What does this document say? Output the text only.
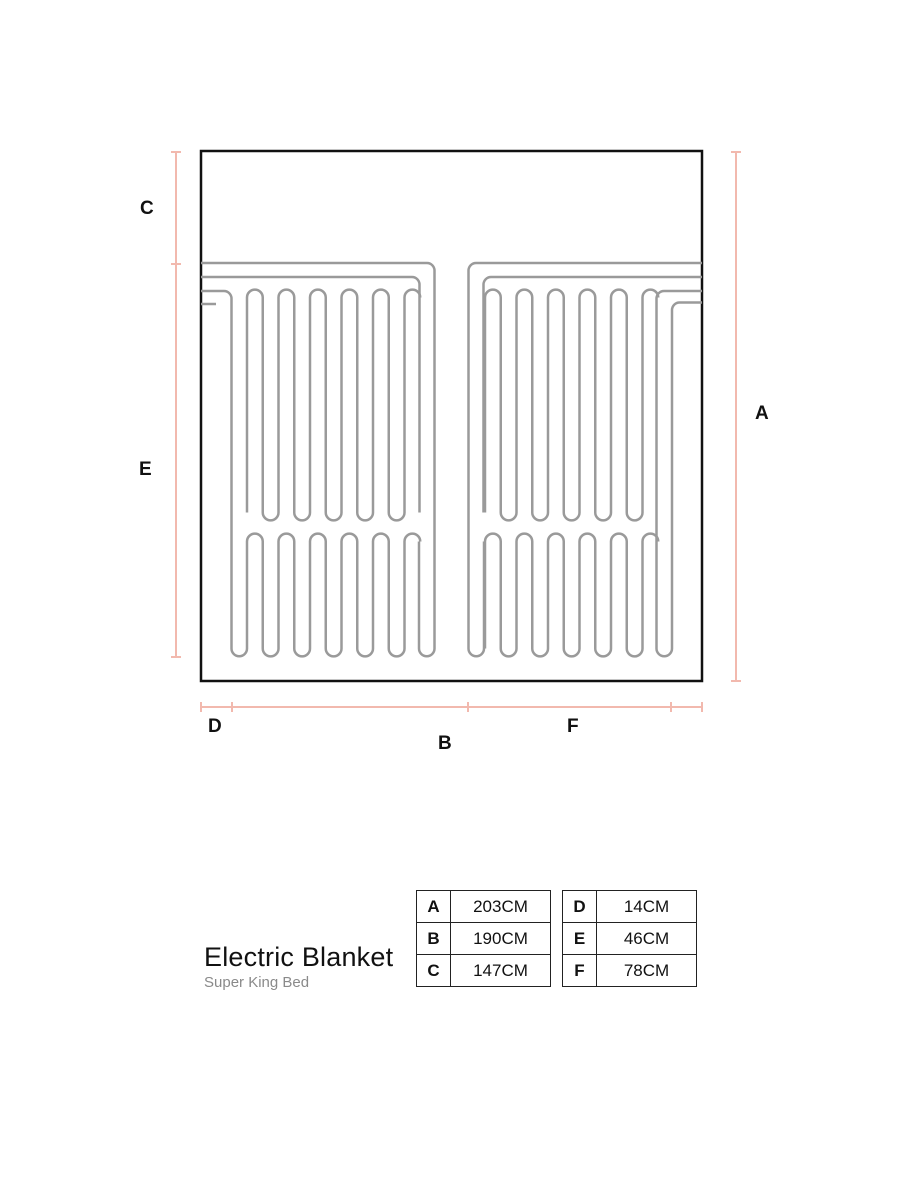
C
E
A
D
B
F
Electric Blanket
Super King Bed
A	203CM
B	190CM
C	147CM
D	14CM
E	46CM
F	78CM
